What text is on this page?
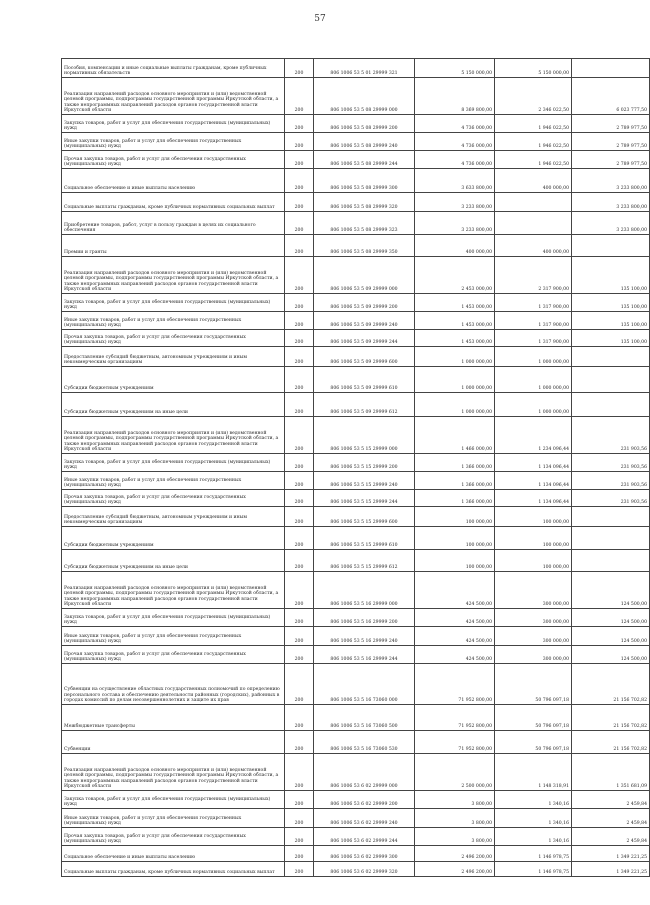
57
Пособия, компенсации и иные социальные выплаты гражданам, кроме публичных нормативных обязательств	200	806 1006 53 5 01 29999 321	5 150 000,00	5 150 000,00	
Реализация направлений расходов основного мероприятия и (или) ведомственной целевой программы, подпрограммы государственной программы Иркутской области, а также непрограммных направлений расходов органов государственной власти Иркутской области	200	806 1006 53 5 08 29999 000	8 369 800,00	2 346 022,50	6 023 777,50
Закупка товаров, работ и услуг для обеспечения государственных (муниципальных) нужд	200	806 1006 53 5 08 29999 200	4 736 000,00	1 946 022,50	2 789 977,50
Иные закупки товаров, работ и услуг для обеспечения государственных (муниципальных) нужд	200	806 1006 53 5 08 29999 240	4 736 000,00	1 946 022,50	2 789 977,50
Прочая закупка товаров, работ и услуг для обеспечения государственных (муниципальных) нужд	200	806 1006 53 5 08 29999 244	4 736 000,00	1 946 022,50	2 789 977,50
Социальное обеспечение и иные выплаты населению	200	806 1006 53 5 08 29999 300	3 633 800,00	400 000,00	3 233 800,00
Социальные выплаты гражданам, кроме публичных нормативных социальных выплат	200	806 1006 53 5 08 29999 320	3 233 800,00		3 233 800,00
Приобретение товаров, работ, услуг в пользу граждан в целях их социального обеспечения	200	806 1006 53 5 08 29999 323	3 233 800,00		3 233 800,00
Премии и гранты	200	806 1006 53 5 08 29999 350	400 000,00	400 000,00	
Реализация направлений расходов основного мероприятия и (или) ведомственной целевой программы, подпрограммы государственной программы Иркутской области, а также непрограммных направлений расходов органов государственной власти Иркутской области	200	806 1006 53 5 09 29999 000	2 453 000,00	2 317 900,00	135 100,00
Закупка товаров, работ и услуг для обеспечения государственных (муниципальных) нужд	200	806 1006 53 5 09 29999 200	1 453 000,00	1 317 900,00	135 100,00
Иные закупки товаров, работ и услуг для обеспечения государственных (муниципальных) нужд	200	806 1006 53 5 09 29999 240	1 453 000,00	1 317 900,00	135 100,00
Прочая закупка товаров, работ и услуг для обеспечения государственных (муниципальных) нужд	200	806 1006 53 5 09 29999 244	1 453 000,00	1 317 900,00	135 100,00
Предоставление субсидий бюджетным, автономным учреждениям и иным некоммерческим организациям	200	806 1006 53 5 09 29999 600	1 000 000,00	1 000 000,00	
Субсидии бюджетным учреждениям	200	806 1006 53 5 09 29999 610	1 000 000,00	1 000 000,00	
Субсидии бюджетным учреждениям на иные цели	200	806 1006 53 5 09 29999 612	1 000 000,00	1 000 000,00	
Реализация направлений расходов основного мероприятия и (или) ведомственной целевой программы, подпрограммы государственной программы Иркутской области, а также непрограммных направлений расходов органов государственной власти Иркутской области	200	806 1006 53 5 15 29999 000	1 466 000,00	1 234 096,44	231 903,56
Закупка товаров, работ и услуг для обеспечения государственных (муниципальных) нужд	200	806 1006 53 5 15 29999 200	1 366 000,00	1 134 096,44	231 903,56
Иные закупки товаров, работ и услуг для обеспечения государственных (муниципальных) нужд	200	806 1006 53 5 15 29999 240	1 366 000,00	1 134 096,44	231 903,56
Прочая закупка товаров, работ и услуг для обеспечения государственных (муниципальных) нужд	200	806 1006 53 5 15 29999 244	1 366 000,00	1 134 096,44	231 903,56
Предоставление субсидий бюджетным, автономным учреждениям и иным некоммерческим организациям	200	806 1006 53 5 15 29999 600	100 000,00	100 000,00	
Субсидии бюджетным учреждениям	200	806 1006 53 5 15 29999 610	100 000,00	100 000,00	
Субсидии бюджетным учреждениям на иные цели	200	806 1006 53 5 15 29999 612	100 000,00	100 000,00	
Реализация направлений расходов основного мероприятия и (или) ведомственной целевой программы, подпрограммы государственной программы Иркутской области, а также непрограммных направлений расходов органов государственной власти Иркутской области	200	806 1006 53 5 16 29999 000	424 500,00	300 000,00	124 500,00
Закупка товаров, работ и услуг для обеспечения государственных (муниципальных) нужд	200	806 1006 53 5 16 29999 200	424 500,00	300 000,00	124 500,00
Иные закупки товаров, работ и услуг для обеспечения государственных (муниципальных) нужд	200	806 1006 53 5 16 29999 240	424 500,00	300 000,00	124 500,00
Прочая закупка товаров, работ и услуг для обеспечения государственных (муниципальных) нужд	200	806 1006 53 5 16 29999 244	424 500,00	300 000,00	124 500,00
Субвенции на осуществление областных государственных полномочий по определению персонального состава и обеспечению деятельности районных (городских), районных в городах комиссий по делам несовершеннолетних и защите их прав	200	806 1006 53 5 16 73060 000	71 952 800,00	50 796 097,18	21 156 702,82
Межбюджетные трансферты	200	806 1006 53 5 16 73060 500	71 952 800,00	50 796 097,18	21 156 702,82
Субвенции	200	806 1006 53 5 16 73060 530	71 952 800,00	50 796 097,18	21 156 702,82
Реализация направлений расходов основного мероприятия и (или) ведомственной целевой программы, подпрограммы государственной программы Иркутской области, а также непрограммных направлений расходов органов государственной власти Иркутской области	200	806 1006 53 6 02 29999 000	2 500 000,00	1 148 318,91	1 351 681,09
Закупка товаров, работ и услуг для обеспечения государственных (муниципальных) нужд	200	806 1006 53 6 02 29999 200	3 800,00	1 340,16	2 459,84
Иные закупки товаров, работ и услуг для обеспечения государственных (муниципальных) нужд	200	806 1006 53 6 02 29999 240	3 800,00	1 340,16	2 459,84
Прочая закупка товаров, работ и услуг для обеспечения государственных (муниципальных) нужд	200	806 1006 53 6 02 29999 244	3 800,00	1 340,16	2 459,84
Социальное обеспечение и иные выплаты населению	200	806 1006 53 6 02 29999 300	2 496 200,00	1 146 978,75	1 349 221,25
Социальные выплаты гражданам, кроме публичных нормативных социальных выплат	200	806 1006 53 6 02 29999 320	2 496 200,00	1 146 978,75	1 349 221,25
